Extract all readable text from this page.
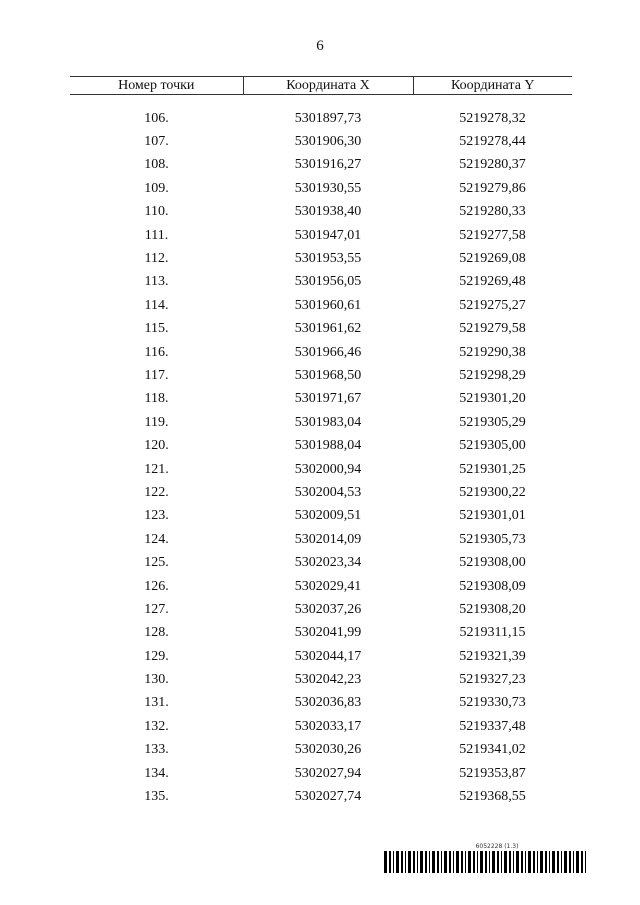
6
Номер точки	Координата X	Координата Y

106.	5301897,73	5219278,32
107.	5301906,30	5219278,44
108.	5301916,27	5219280,37
109.	5301930,55	5219279,86
110.	5301938,40	5219280,33
111.	5301947,01	5219277,58
112.	5301953,55	5219269,08
113.	5301956,05	5219269,48
114.	5301960,61	5219275,27
115.	5301961,62	5219279,58
116.	5301966,46	5219290,38
117.	5301968,50	5219298,29
118.	5301971,67	5219301,20
119.	5301983,04	5219305,29
120.	5301988,04	5219305,00
121.	5302000,94	5219301,25
122.	5302004,53	5219300,22
123.	5302009,51	5219301,01
124.	5302014,09	5219305,73
125.	5302023,34	5219308,00
126.	5302029,41	5219308,09
127.	5302037,26	5219308,20
128.	5302041,99	5219311,15
129.	5302044,17	5219321,39
130.	5302042,23	5219327,23
131.	5302036,83	5219330,73
132.	5302033,17	5219337,48
133.	5302030,26	5219341,02
134.	5302027,94	5219353,87
135.	5302027,74	5219368,55
6052228 (1.3)
